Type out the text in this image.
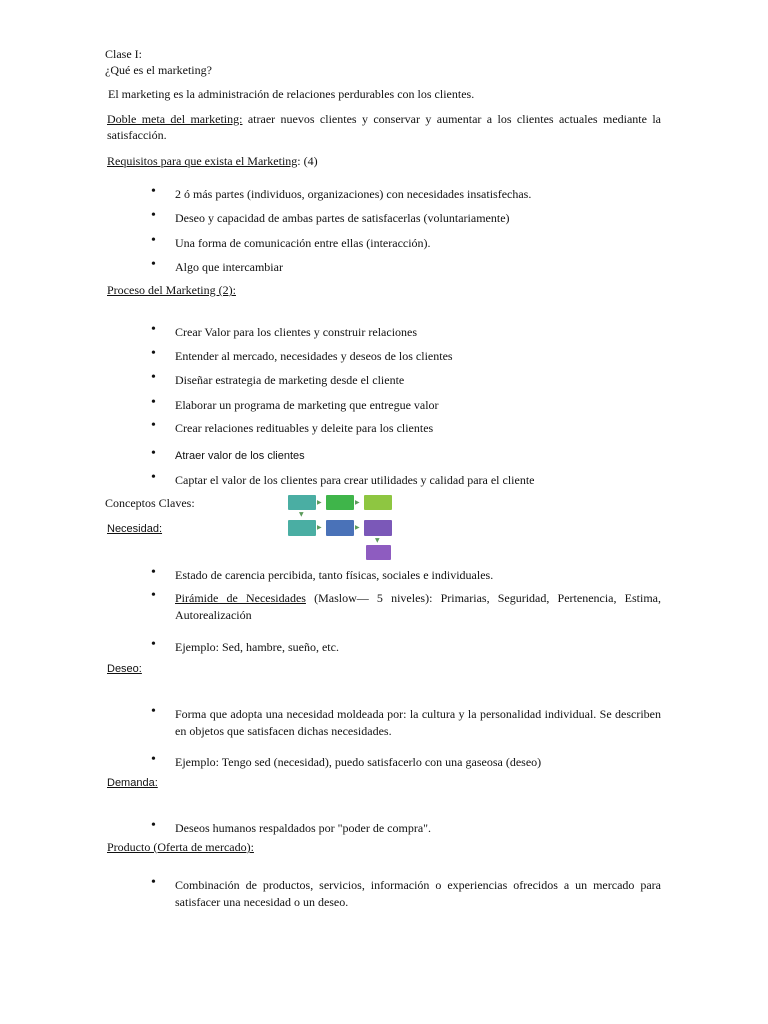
Clase I:
¿Qué es el marketing?
El marketing es la administración de relaciones perdurables con los clientes.
Doble meta del marketing: atraer nuevos clientes y conservar y aumentar a los clientes actuales mediante la satisfacción.
Requisitos para que exista el Marketing: (4)
• 2 ó más partes (individuos, organizaciones) con necesidades insatisfechas.
• Deseo y capacidad de ambas partes de satisfacerlas (voluntariamente)
• Una forma de comunicación entre ellas (interacción).
• Algo que intercambiar
Proceso del Marketing (2):
• Crear Valor para los clientes y construir relaciones
• Entender al mercado, necesidades y deseos de los clientes
• Diseñar estrategia de marketing desde el cliente
• Elaborar un programa de marketing que entregue valor
• Crear relaciones redituables y deleite para los clientes
• Atraer valor de los clientes
• Captar el valor de los clientes para crear utilidades y calidad para el cliente
Conceptos Claves:	▶	▶
▼
▶	▶
▼
Necesidad:
• Estado de carencia percibida, tanto físicas, sociales e individuales.
• Pirámide de Necesidades (Maslow— 5 niveles): Primarias, Seguridad, Pertenencia, Estima, Autorealización
• Ejemplo: Sed, hambre, sueño, etc.
Deseo:
• Forma que adopta una necesidad moldeada por: la cultura y la personalidad individual. Se describen en objetos que satisfacen dichas necesidades.
• Ejemplo: Tengo sed (necesidad), puedo satisfacerlo con una gaseosa (deseo)
Demanda:
• Deseos humanos respaldados por "poder de compra".
Producto (Oferta de mercado):
• Combinación de productos, servicios, información o experiencias ofrecidos a un mercado para satisfacer una necesidad o un deseo.
